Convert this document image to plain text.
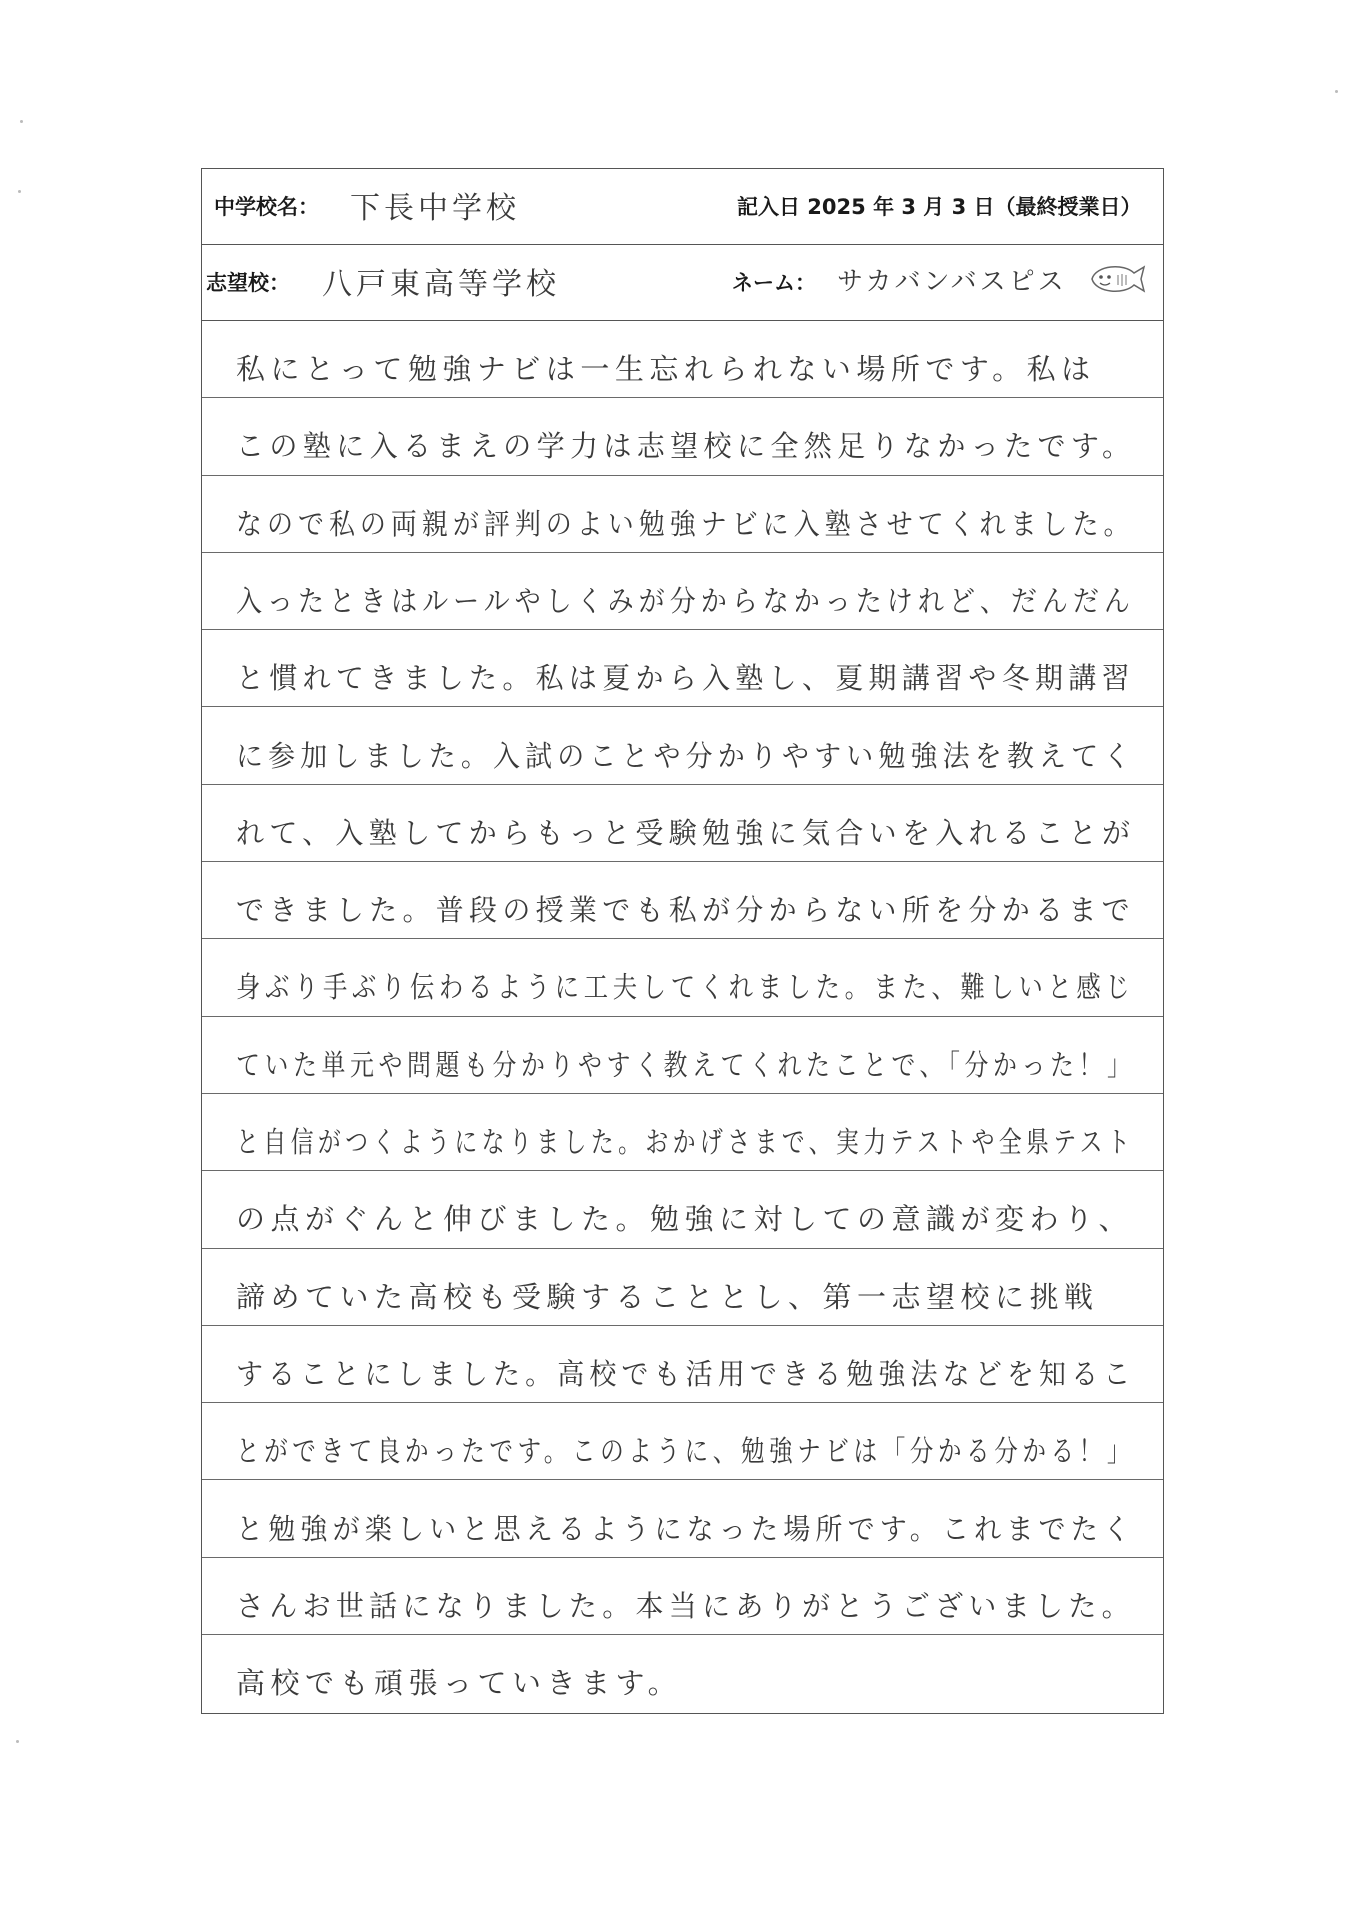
中学校名： 下長中学校	記入日 2025 年 3 月 3 日（最終授業日）
志望校： 八戸東高等学校	ネーム： サカバンバスピス
私にとって勉強ナビは一生忘れられない場所です。私は
この塾に入るまえの学力は志望校に全然足りなかったです。
なので私の両親が評判のよい勉強ナビに入塾させてくれました。
入ったときはルールやしくみが分からなかったけれど、だんだん
と慣れてきました。私は夏から入塾し、夏期講習や冬期講習
に参加しました。入試のことや分かりやすい勉強法を教えてく
れて、入塾してからもっと受験勉強に気合いを入れることが
できました。普段の授業でも私が分からない所を分かるまで
身ぶり手ぶり伝わるように工夫してくれました。また、難しいと感じ
ていた単元や問題も分かりやすく教えてくれたことで、「分かった！」
と自信がつくようになりました。おかげさまで、実力テストや全県テスト
の点がぐんと伸びました。勉強に対しての意識が変わり、
諦めていた高校も受験することとし、第一志望校に挑戦
することにしました。高校でも活用できる勉強法などを知るこ
とができて良かったです。このように、勉強ナビは「分かる分かる！」
と勉強が楽しいと思えるようになった場所です。これまでたく
さんお世話になりました。本当にありがとうございました。
高校でも頑張っていきます。
